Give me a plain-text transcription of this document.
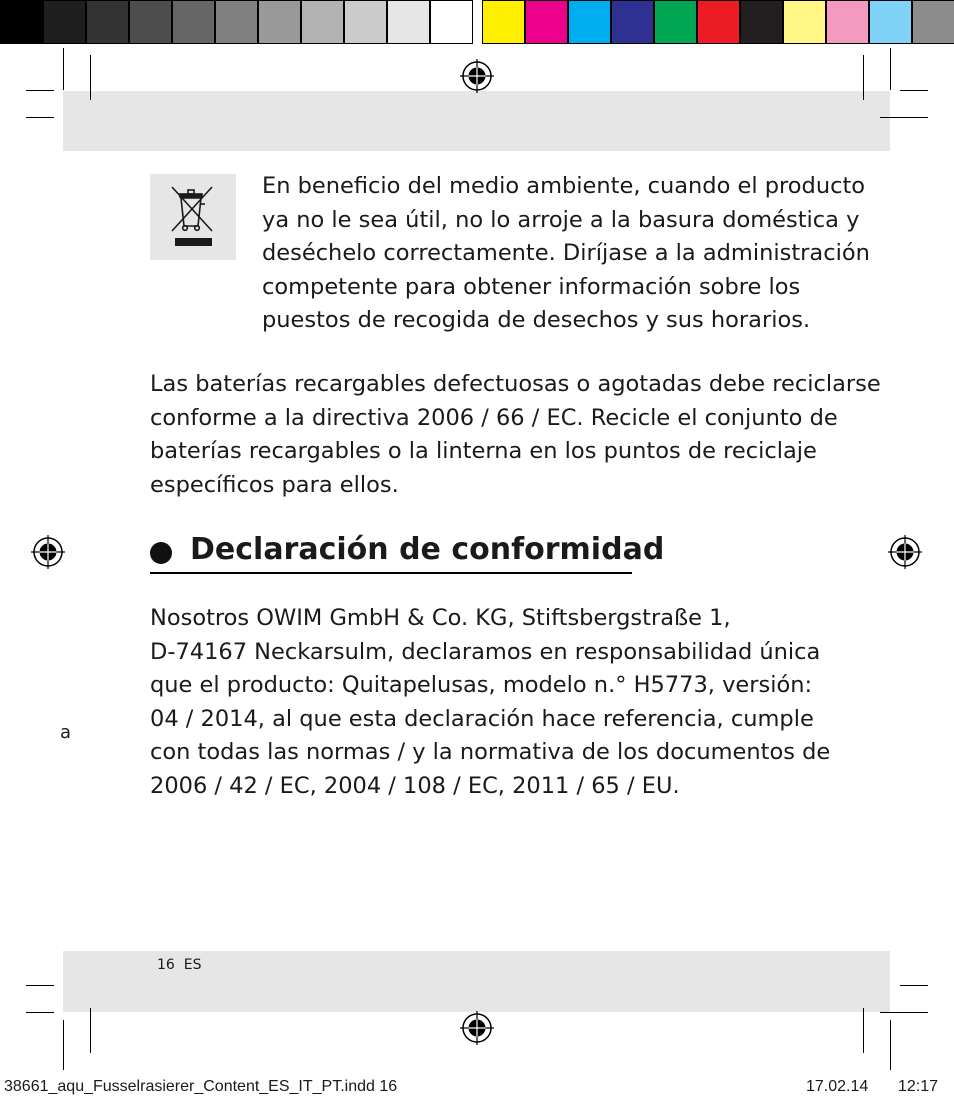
En beneficio del medio ambiente, cuando el producto
ya no le sea útil, no lo arroje a la basura doméstica y
deséchelo correctamente. Diríjase a la administración
competente para obtener información sobre los
puestos de recogida de desechos y sus horarios.
Las baterías recargables defectuosas o agotadas debe reciclarse
conforme a la directiva 2006 / 66 / EC. Recicle el conjunto de
baterías recargables o la linterna en los puntos de reciclaje
específicos para ellos.
Declaración de conformidad
Nosotros OWIM GmbH & Co. KG, Stiftsbergstraße 1,
D-74167 Neckarsulm, declaramos en responsabilidad única
que el producto: Quitapelusas, modelo n.° H5773, versión:
04 / 2014, al que esta declaración hace referencia, cumple
con todas las normas / y la normativa de los documentos de
2006 / 42 / EC, 2004 / 108 / EC, 2011 / 65 / EU.
a
16 ES
38661_aqu_Fusselrasierer_Content_ES_IT_PT.indd 16	17.02.14 12:17
